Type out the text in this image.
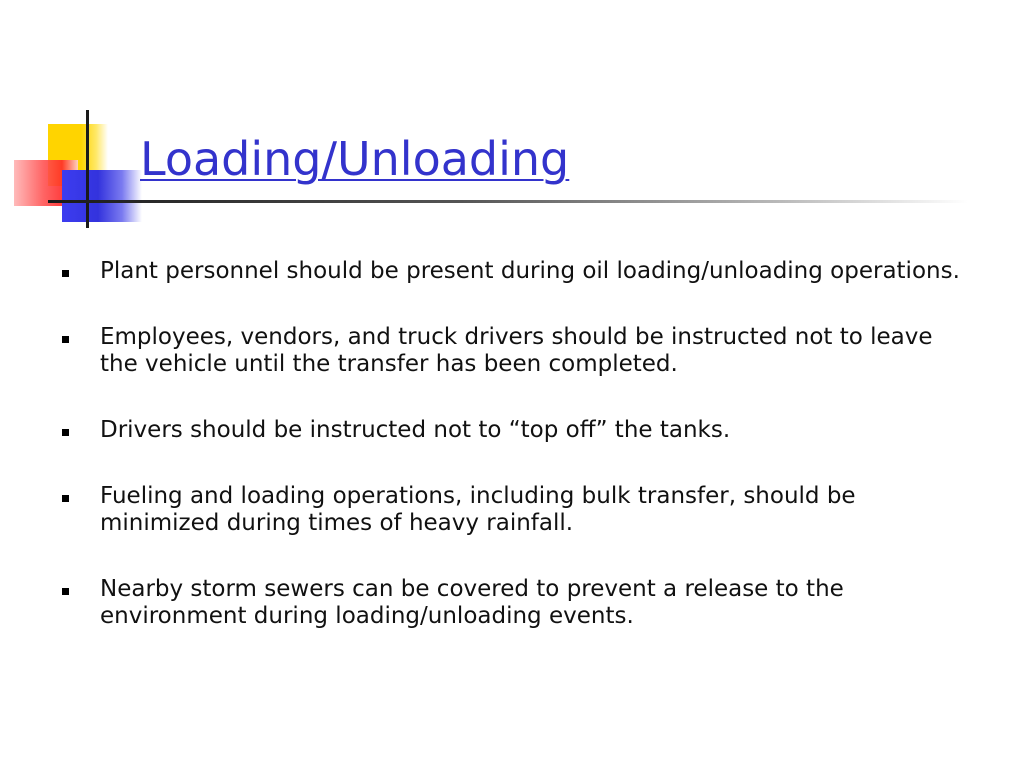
Loading/Unloading
Plant personnel should be present during oil loading/unloading operations.
Employees, vendors, and truck drivers should be instructed not to leave the vehicle until the transfer has been completed.
Drivers should be instructed not to “top off” the tanks.
Fueling and loading operations, including bulk transfer, should be minimized during times of heavy rainfall.
Nearby storm sewers can be covered to prevent a release to the environment during loading/unloading events.
